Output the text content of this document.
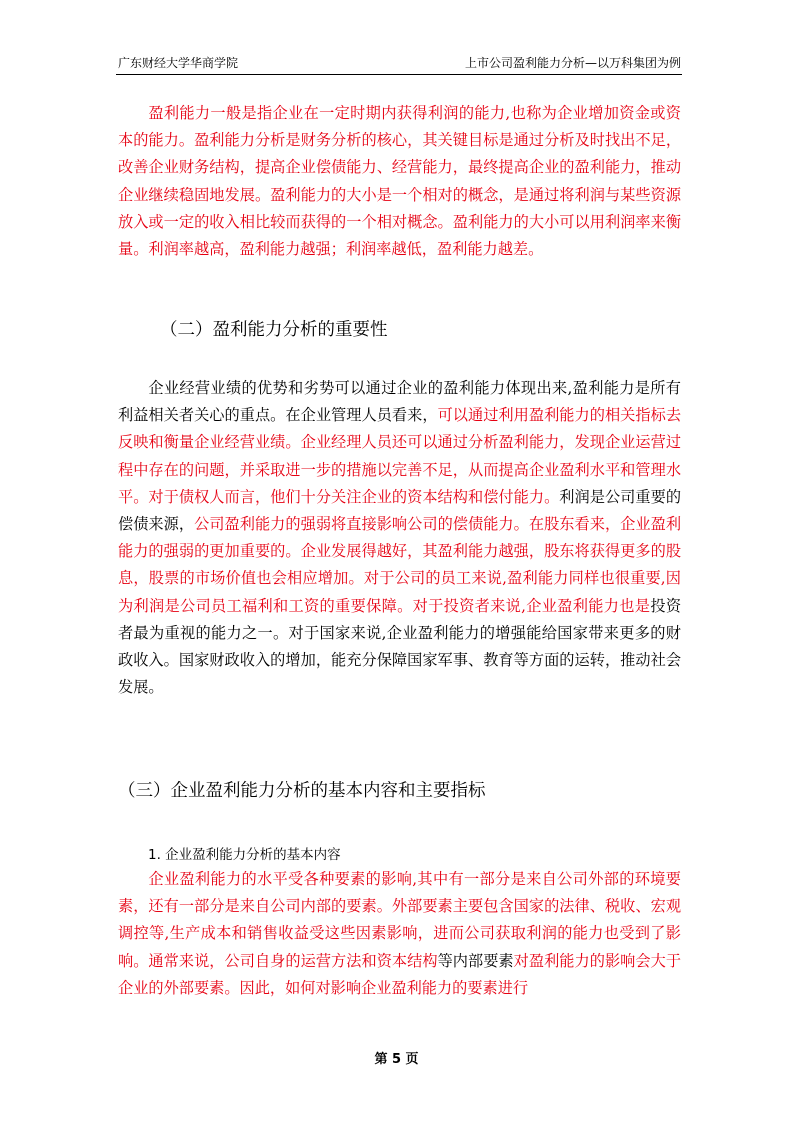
广东财经大学华商学院	上市公司盈利能力分析—以万科集团为例

盈利能力一般是指企业在一定时期内获得利润的能力,也称为企业增加资金或资本的能力。盈利能力分析是财务分析的核心，其关键目标是通过分析及时找出不足，改善企业财务结构，提高企业偿债能力、经营能力，最终提高企业的盈利能力，推动企业继续稳固地发展。盈利能力的大小是一个相对的概念，是通过将利润与某些资源放入或一定的收入相比较而获得的一个相对概念。盈利能力的大小可以用利润率来衡量。利润率越高，盈利能力越强；利润率越低，盈利能力越差。

（二）盈利能力分析的重要性

企业经营业绩的优势和劣势可以通过企业的盈利能力体现出来,盈利能力是所有利益相关者关心的重点。在企业管理人员看来，可以通过利用盈利能力的相关指标去反映和衡量企业经营业绩。企业经理人员还可以通过分析盈利能力，发现企业运营过程中存在的问题，并采取进一步的措施以完善不足，从而提高企业盈利水平和管理水平。对于债权人而言，他们十分关注企业的资本结构和偿付能力。利润是公司重要的偿债来源，公司盈利能力的强弱将直接影响公司的偿债能力。在股东看来，企业盈利能力的强弱的更加重要的。企业发展得越好，其盈利能力越强，股东将获得更多的股息，股票的市场价值也会相应增加。对于公司的员工来说,盈利能力同样也很重要,因为利润是公司员工福利和工资的重要保障。对于投资者来说,企业盈利能力也是投资者最为重视的能力之一。对于国家来说,企业盈利能力的增强能给国家带来更多的财政收入。国家财政收入的增加，能充分保障国家军事、教育等方面的运转，推动社会发展。

（三）企业盈利能力分析的基本内容和主要指标
1. 企业盈利能力分析的基本内容

企业盈利能力的水平受各种要素的影响,其中有一部分是来自公司外部的环境要素，还有一部分是来自公司内部的要素。外部要素主要包含国家的法律、税收、宏观调控等,生产成本和销售收益受这些因素影响，进而公司获取利润的能力也受到了影响。通常来说，公司自身的运营方法和资本结构等内部要素对盈利能力的影响会大于企业的外部要素。因此，如何对影响企业盈利能力的要素进行

第 5 页
